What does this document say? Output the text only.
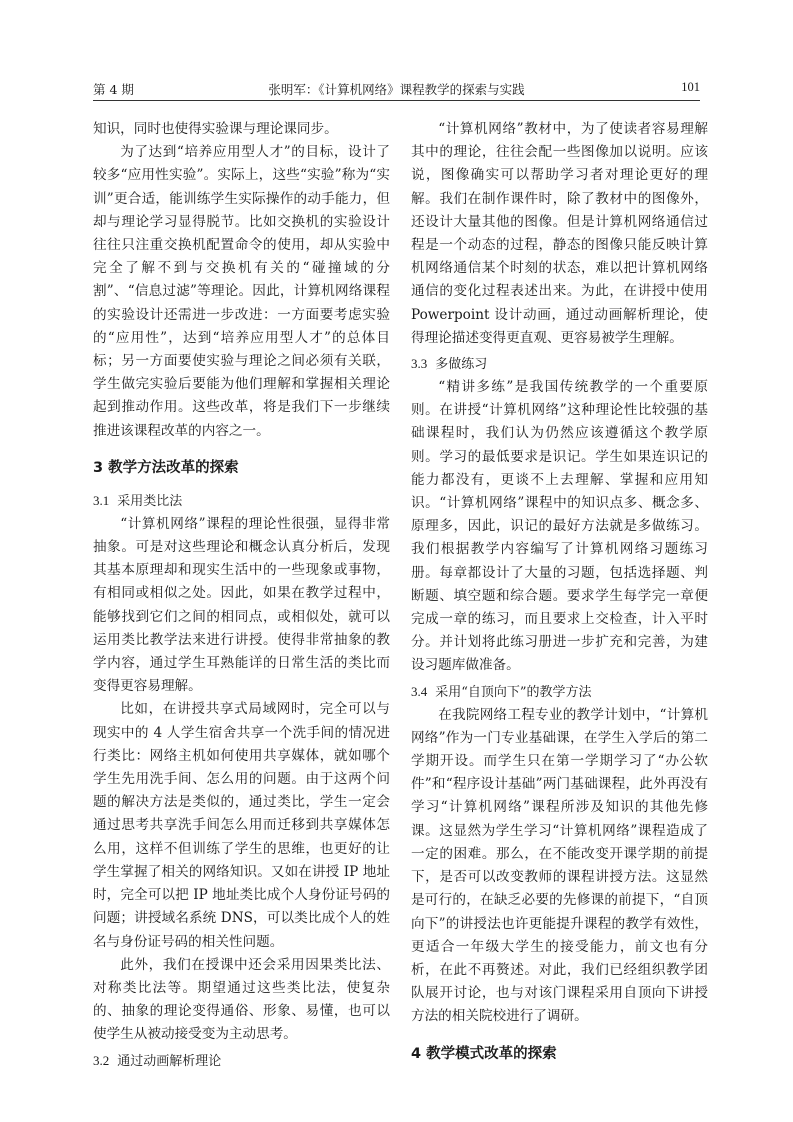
第 4 期	张明军：《计算机网络》课程教学的探索与实践	101

知识，同时也使得实验课与理论课同步。

为了达到“培养应用型人才”的目标，设计了较多“应用性实验”。实际上，这些“实验”称为“实训”更合适，能训练学生实际操作的动手能力，但却与理论学习显得脱节。比如交换机的实验设计往往只注重交换机配置命令的使用，却从实验中完全了解不到与交换机有关的“碰撞域的分割”、“信息过滤”等理论。因此，计算机网络课程的实验设计还需进一步改进：一方面要考虑实验的“应用性”，达到“培养应用型人才”的总体目标；另一方面要使实验与理论之间必须有关联，学生做完实验后要能为他们理解和掌握相关理论起到推动作用。这些改革，将是我们下一步继续推进该课程改革的内容之一。

3 教学方法改革的探索
3.1 采用类比法

“计算机网络”课程的理论性很强，显得非常抽象。可是对这些理论和概念认真分析后，发现其基本原理却和现实生活中的一些现象或事物，有相同或相似之处。因此，如果在教学过程中，能够找到它们之间的相同点，或相似处，就可以运用类比教学法来进行讲授。使得非常抽象的教学内容，通过学生耳熟能详的日常生活的类比而变得更容易理解。

比如，在讲授共享式局域网时，完全可以与现实中的 4 人学生宿舍共享一个洗手间的情况进行类比：网络主机如何使用共享媒体，就如哪个学生先用洗手间、怎么用的问题。由于这两个问题的解决方法是类似的，通过类比，学生一定会通过思考共享洗手间怎么用而迁移到共享媒体怎么用，这样不但训练了学生的思维，也更好的让学生掌握了相关的网络知识。又如在讲授 IP 地址时，完全可以把 IP 地址类比成个人身份证号码的问题；讲授域名系统 DNS，可以类比成个人的姓名与身份证号码的相关性问题。

此外，我们在授课中还会采用因果类比法、对称类比法等。期望通过这些类比法，使复杂的、抽象的理论变得通俗、形象、易懂，也可以使学生从被动接受变为主动思考。

3.2 通过动画解析理论

“计算机网络”教材中，为了使读者容易理解其中的理论，往往会配一些图像加以说明。应该说，图像确实可以帮助学习者对理论更好的理解。我们在制作课件时，除了教材中的图像外，还设计大量其他的图像。但是计算机网络通信过程是一个动态的过程，静态的图像只能反映计算机网络通信某个时刻的状态，难以把计算机网络通信的变化过程表述出来。为此，在讲授中使用 Powerpoint 设计动画，通过动画解析理论，使得理论描述变得更直观、更容易被学生理解。

3.3 多做练习

“精讲多练”是我国传统教学的一个重要原则。在讲授“计算机网络”这种理论性比较强的基础课程时，我们认为仍然应该遵循这个教学原则。学习的最低要求是识记。学生如果连识记的能力都没有，更谈不上去理解、掌握和应用知识。“计算机网络”课程中的知识点多、概念多、原理多，因此，识记的最好方法就是多做练习。我们根据教学内容编写了计算机网络习题练习册。每章都设计了大量的习题，包括选择题、判断题、填空题和综合题。要求学生每学完一章便完成一章的练习，而且要求上交检查，计入平时分。并计划将此练习册进一步扩充和完善，为建设习题库做准备。

3.4 采用“自顶向下”的教学方法

在我院网络工程专业的教学计划中，“计算机网络”作为一门专业基础课，在学生入学后的第二学期开设。而学生只在第一学期学习了“办公软件”和“程序设计基础”两门基础课程，此外再没有学习“计算机网络”课程所涉及知识的其他先修课。这显然为学生学习“计算机网络”课程造成了一定的困难。那么，在不能改变开课学期的前提下，是否可以改变教师的课程讲授方法。这显然是可行的，在缺乏必要的先修课的前提下，“自顶向下”的讲授法也许更能提升课程的教学有效性，更适合一年级大学生的接受能力，前文也有分析，在此不再赘述。对此，我们已经组织教学团队展开讨论，也与对该门课程采用自顶向下讲授方法的相关院校进行了调研。

4 教学模式改革的探索
